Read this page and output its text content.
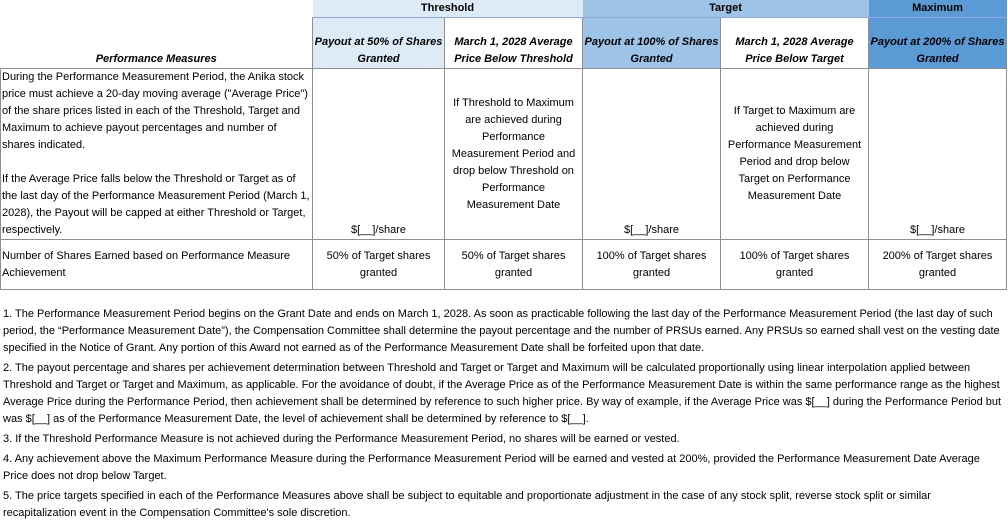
	Threshold		Target		Maximum
Performance Measures	Payout at 50% of Shares Granted	March 1, 2028 Average Price Below Threshold	Payout at 100% of Shares Granted	March 1, 2028 Average Price Below Target	Payout at 200% of Shares Granted

During the Performance Measurement Period, the Anika stock price must achieve a 20-day moving average ("Average Price") of the share prices listed in each of the Threshold, Target and Maximum to achieve payout percentages and number of shares indicated.
If the Average Price falls below the Threshold or Target as of the last day of the Performance Measurement Period (March 1, 2028), the Payout will be capped at either Threshold or Target, respectively.	$[__]/share	If Threshold to Maximum are achieved during Performance Measurement Period and drop below Threshold on Performance Measurement Date	$[__]/share	If Target to Maximum are achieved during Performance Measurement Period and drop below Target on Performance Measurement Date	$[__]/share
Number of Shares Earned based on Performance Measure Achievement	50% of Target shares granted	50% of Target shares granted	100% of Target shares granted	100% of Target shares granted	200% of Target shares granted

1. The Performance Measurement Period begins on the Grant Date and ends on March 1, 2028. As soon as practicable following the last day of the Performance Measurement Period (the last day of such period, the “Performance Measurement Date”), the Compensation Committee shall determine the payout percentage and the number of PRSUs earned. Any PRSUs so earned shall vest on the vesting date specified in the Notice of Grant. Any portion of this Award not earned as of the Performance Measurement Date shall be forfeited upon that date.

2. The payout percentage and shares per achievement determination between Threshold and Target or Target and Maximum will be calculated proportionally using linear interpolation applied between Threshold and Target or Target and Maximum, as applicable. For the avoidance of doubt, if the Average Price as of the Performance Measurement Date is within the same performance range as the highest Average Price during the Performance Period, then achievement shall be determined by reference to such higher price. By way of example, if the Average Price was $[__] during the Performance Period but was $[__] as of the Performance Measurement Date, the level of achievement shall be determined by reference to $[__].

3. If the Threshold Performance Measure is not achieved during the Performance Measurement Period, no shares will be earned or vested.

4. Any achievement above the Maximum Performance Measure during the Performance Measurement Period will be earned and vested at 200%, provided the Performance Measurement Date Average Price does not drop below Target.

5. The price targets specified in each of the Performance Measures above shall be subject to equitable and proportionate adjustment in the case of any stock split, reverse stock split or similar recapitalization event in the Compensation Committee's sole discretion.
